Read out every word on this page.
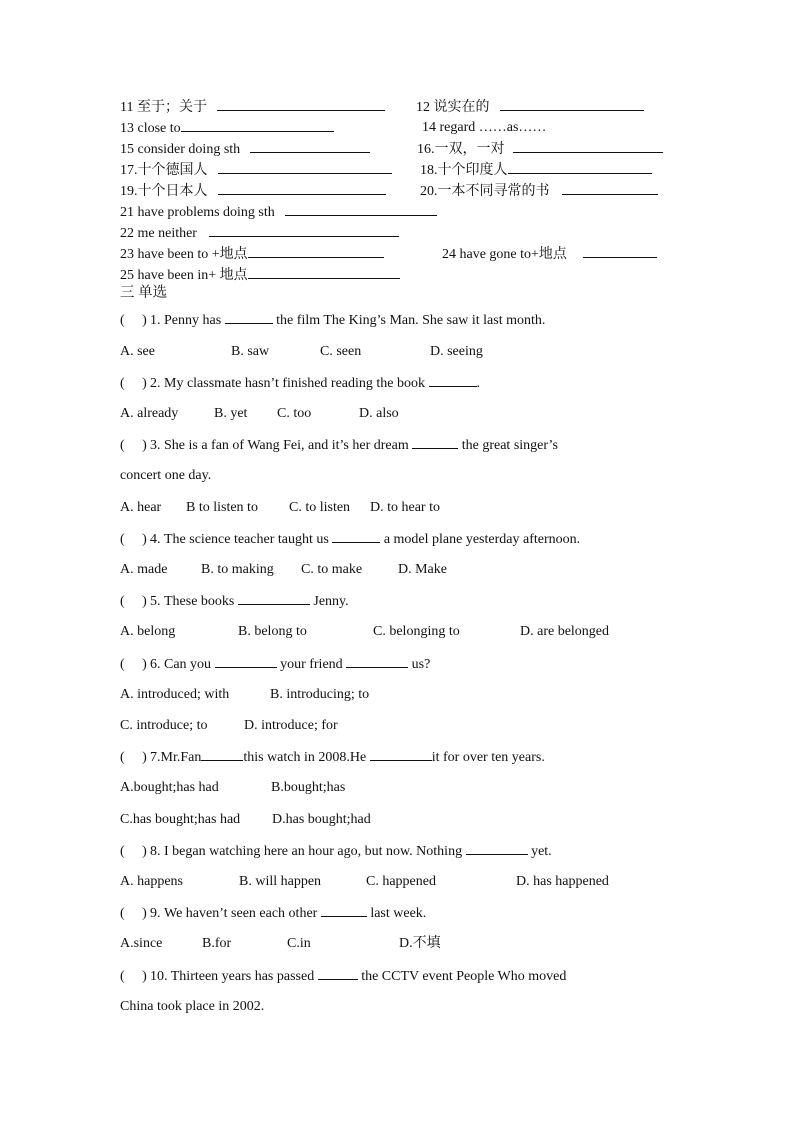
11 至于；关于	12 说实在的
13 close to	14 regard ……as……
15 consider doing sth	16.一双，一对
17.十个德国人	18.十个印度人
19.十个日本人	20.一本不同寻常的书
21 have problems doing sth
22 me neither
23 have been to +地点	24 have gone to+地点
25 have been in+ 地点
三 单选
(     ) 1. Penny has	the film The King’s Man. She saw it last month.
A. see	B. saw	C. seen	D. seeing
(     ) 2. My classmate hasn’t finished reading the book	.
A. already	B. yet C. too	D. also
(     ) 3. She is a fan of Wang Fei, and it’s her dream	the great singer’s
concert one day.
A. hear B to listen to C. to listen D. to hear to
(     ) 4. The science teacher taught us	a model plane yesterday afternoon.
A. made B. to making C. to make	D. Make
(     ) 5. These books	Jenny.
A. belong	B. belong to	C. belonging to	D. are belonged
(     ) 6. Can you	your friend	us?
A. introduced; with	B. introducing; to
C. introduce; to	D. introduce; for
(     ) 7.Mr.Fan	this watch in 2008.He	it for over ten years.
A.bought;has had	B.bought;has
C.has bought;has had D.has bought;had
(     ) 8. I began watching here an hour ago, but now. Nothing	yet.
A. happens	B. will happen	C. happened	D. has happened
(     ) 9. We haven’t seen each other	last week.
A.since	B.for	C.in	D.不填
(     ) 10. Thirteen years has passed	the CCTV event People Who moved
China took place in 2002.
